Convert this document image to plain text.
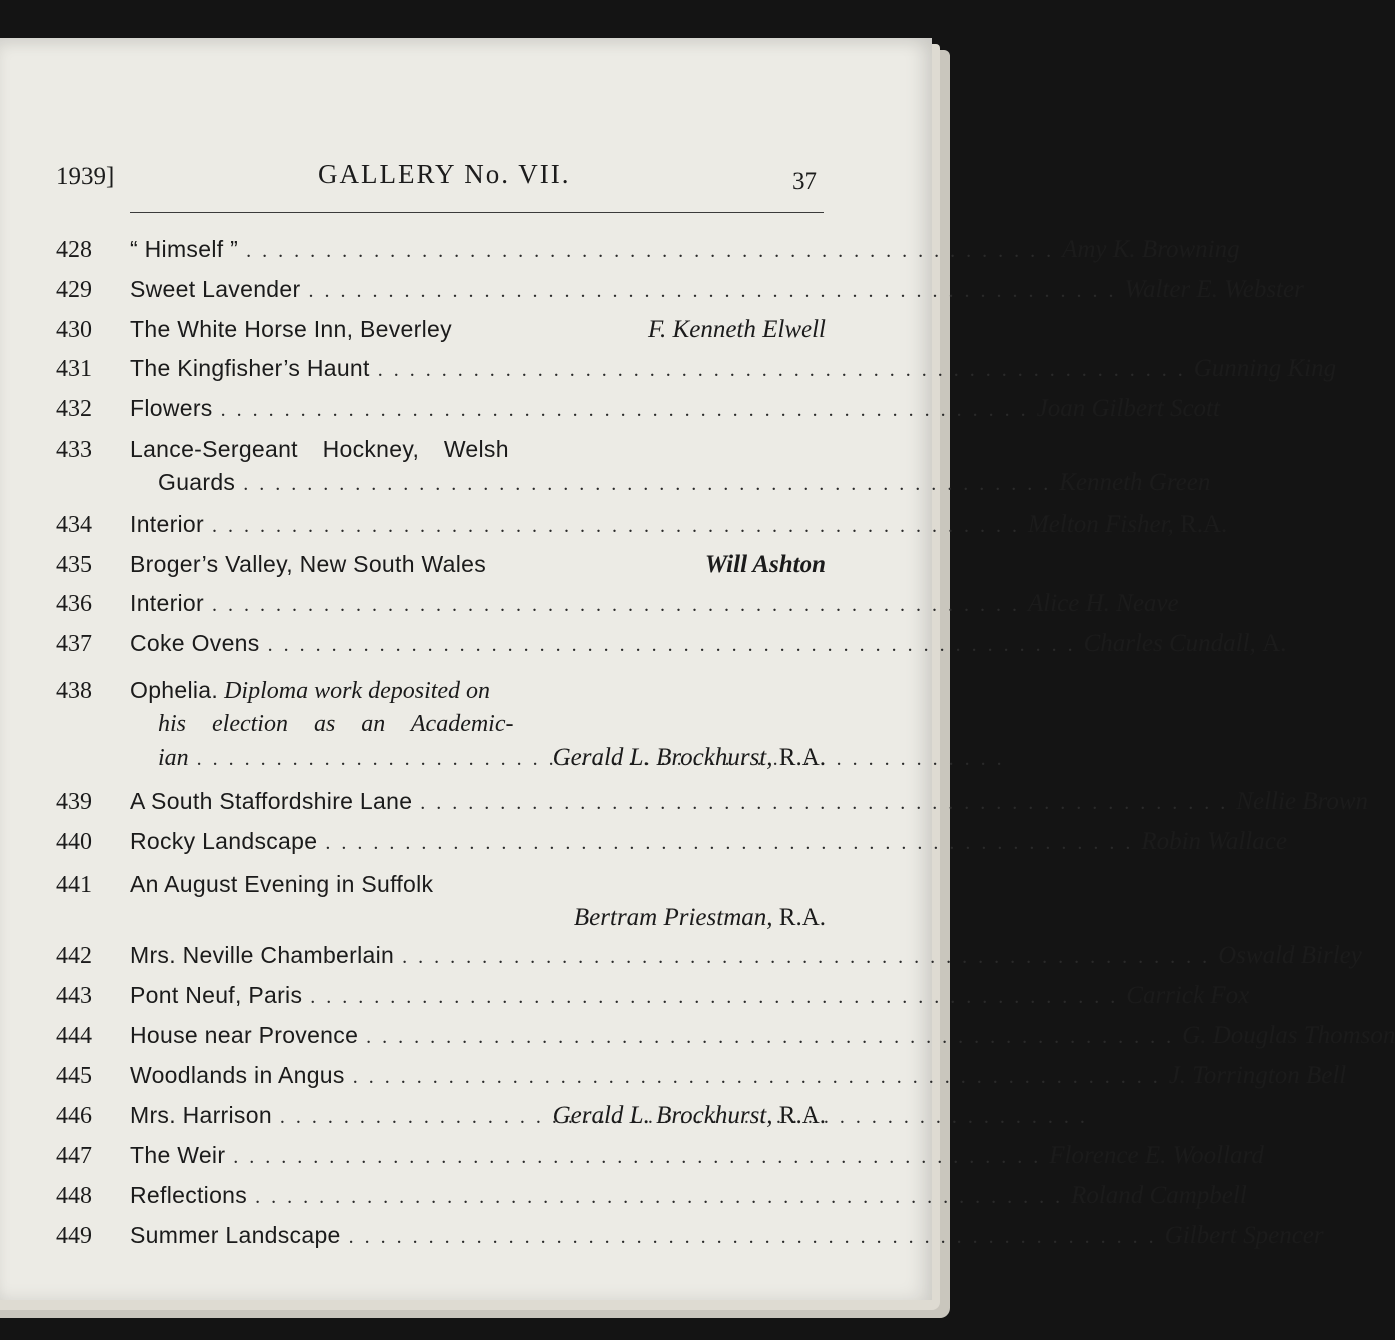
1939]	GALLERY No. VII.	37
428	“ Himself ” . . .	Amy K. Browning
429	Sweet Lavender . . .	Walter E. Webster
430	The White Horse Inn, Beverley	F. Kenneth Elwell
431	The Kingfisher’s Haunt . . .	Gunning King
432	Flowers . . .	Joan Gilbert Scott
433	Lance-Sergeant Hockney, Welsh
Guards . . .	Kenneth Green
434	Interior . . .	Melton Fisher, R.A.
435	Broger’s Valley, New South Wales	Will Ashton
436	Interior . . .	Alice H. Neave
437	Coke Ovens . . .	Charles Cundall, A.
438	Ophelia.
Diploma work deposited on
his election as an Academic-
ian . . .	Gerald L. Brockhurst, R.A.
439	A South Staffordshire Lane . . .	Nellie Brown
440	Rocky Landscape . . .	Robin Wallace
441	An August Evening in Suffolk
Bertram Priestman, R.A.
442	Mrs. Neville Chamberlain . . .	Oswald Birley
443	Pont Neuf, Paris . . .	Carrick Fox
444	House near Provence . . .	G. Douglas Thomson
445	Woodlands in Angus . . .	J. Torrington Bell
446	Mrs. Harrison . . .	Gerald L. Brockhurst, R.A.
447	The Weir . . .	Florence E. Woollard
448	Reflections . . .	Roland Campbell
449	Summer Landscape . . .	Gilbert Spencer
